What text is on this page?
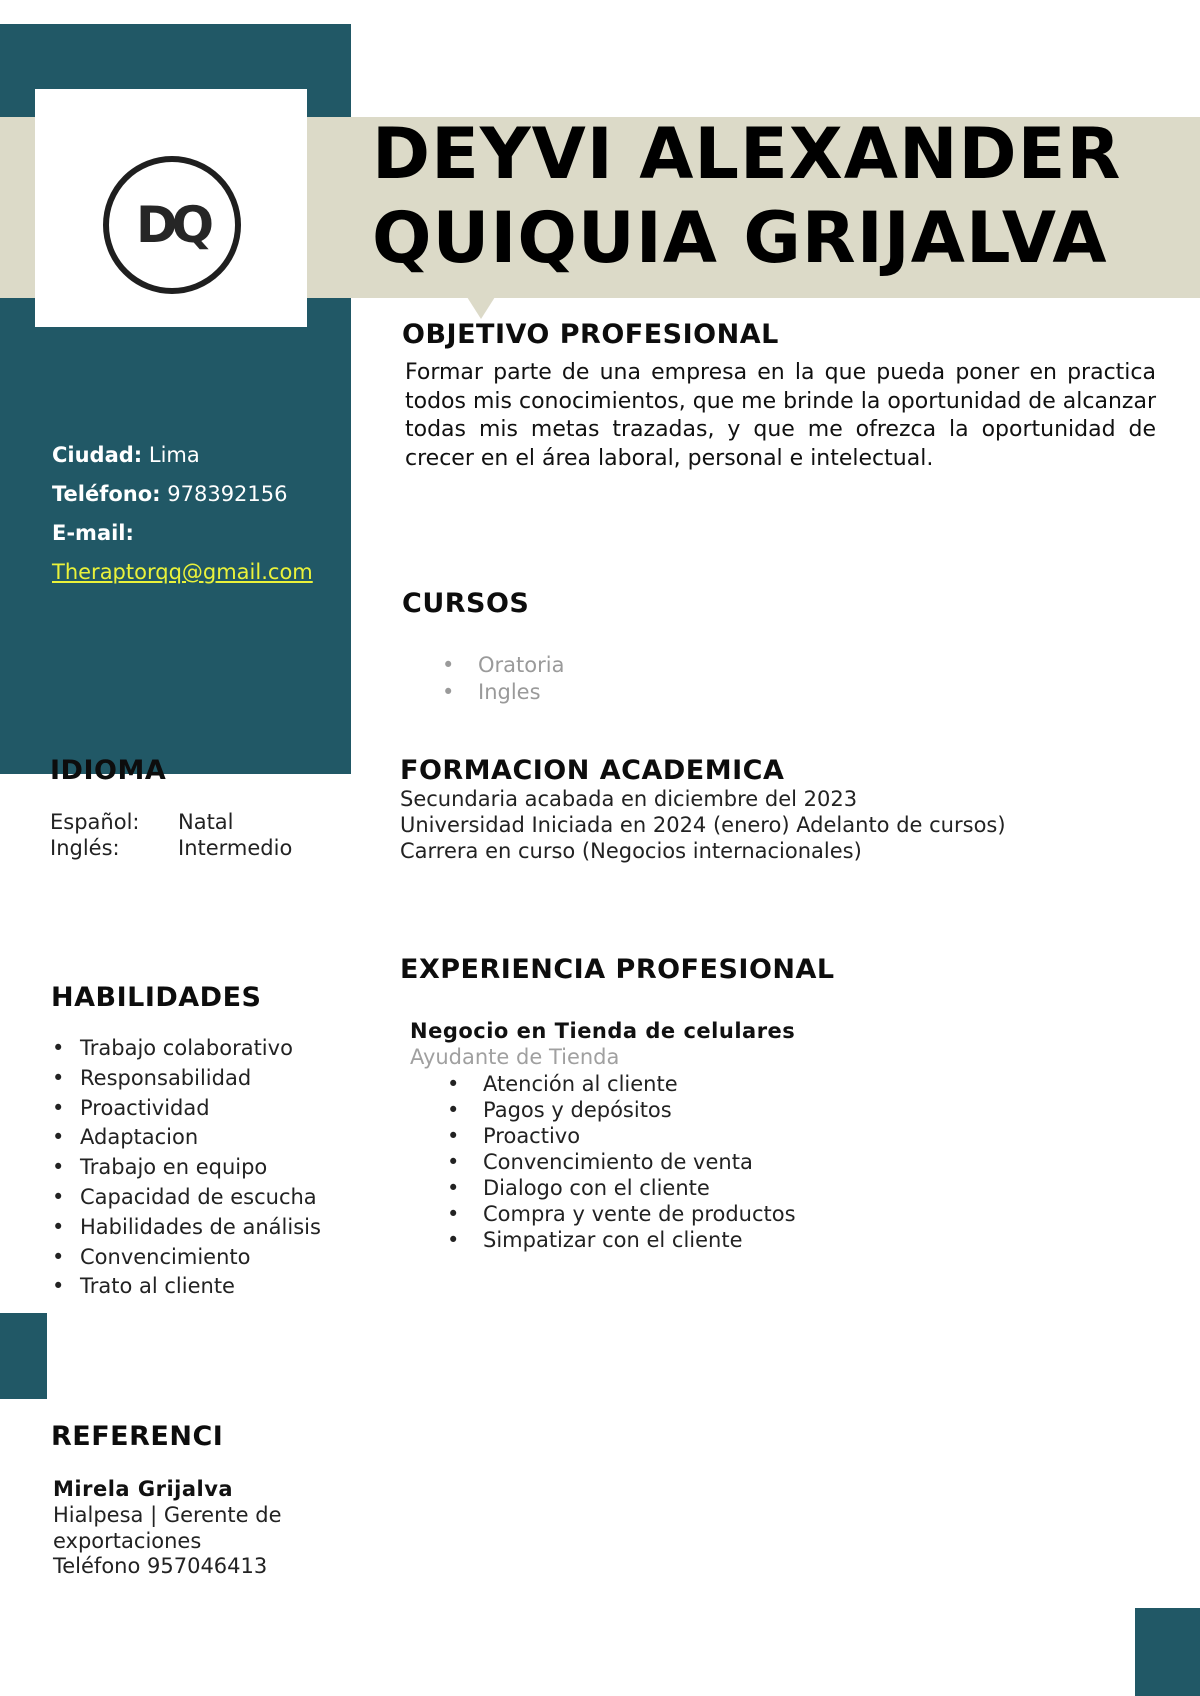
DQ
DEYVI ALEXANDER
QUIQUIA GRIJALVA
Ciudad: Lima
Teléfono: 978392156
E-mail:
Theraptorqq@gmail.com
OBJETIVO PROFESIONAL
Formar parte de una empresa en la que pueda poner en practica todos mis conocimientos, que me brinde la oportunidad de alcanzar todas mis metas trazadas, y que me ofrezca la oportunidad de crecer en el área laboral, personal e intelectual.
CURSOS
• Oratoria
• Ingles
FORMACION ACADEMICA
Secundaria acabada en diciembre del 2023
Universidad Iniciada en 2024 (enero) Adelanto de cursos)
Carrera en curso (Negocios internacionales)
EXPERIENCIA PROFESIONAL
Negocio en Tienda de celulares
Ayudante de Tienda
• Atención al cliente
• Pagos y depósitos
• Proactivo
• Convencimiento de venta
• Dialogo con el cliente
• Compra y vente de productos
• Simpatizar con el cliente
IDIOMA
Español:	Natal
Inglés:	Intermedio
HABILIDADES
• Trabajo colaborativo
• Responsabilidad
• Proactividad
• Adaptacion
• Trabajo en equipo
• Capacidad de escucha
• Habilidades de análisis
• Convencimiento
• Trato al cliente
REFERENCI
Mirela Grijalva
Hialpesa | Gerente de exportaciones
Teléfono 957046413
